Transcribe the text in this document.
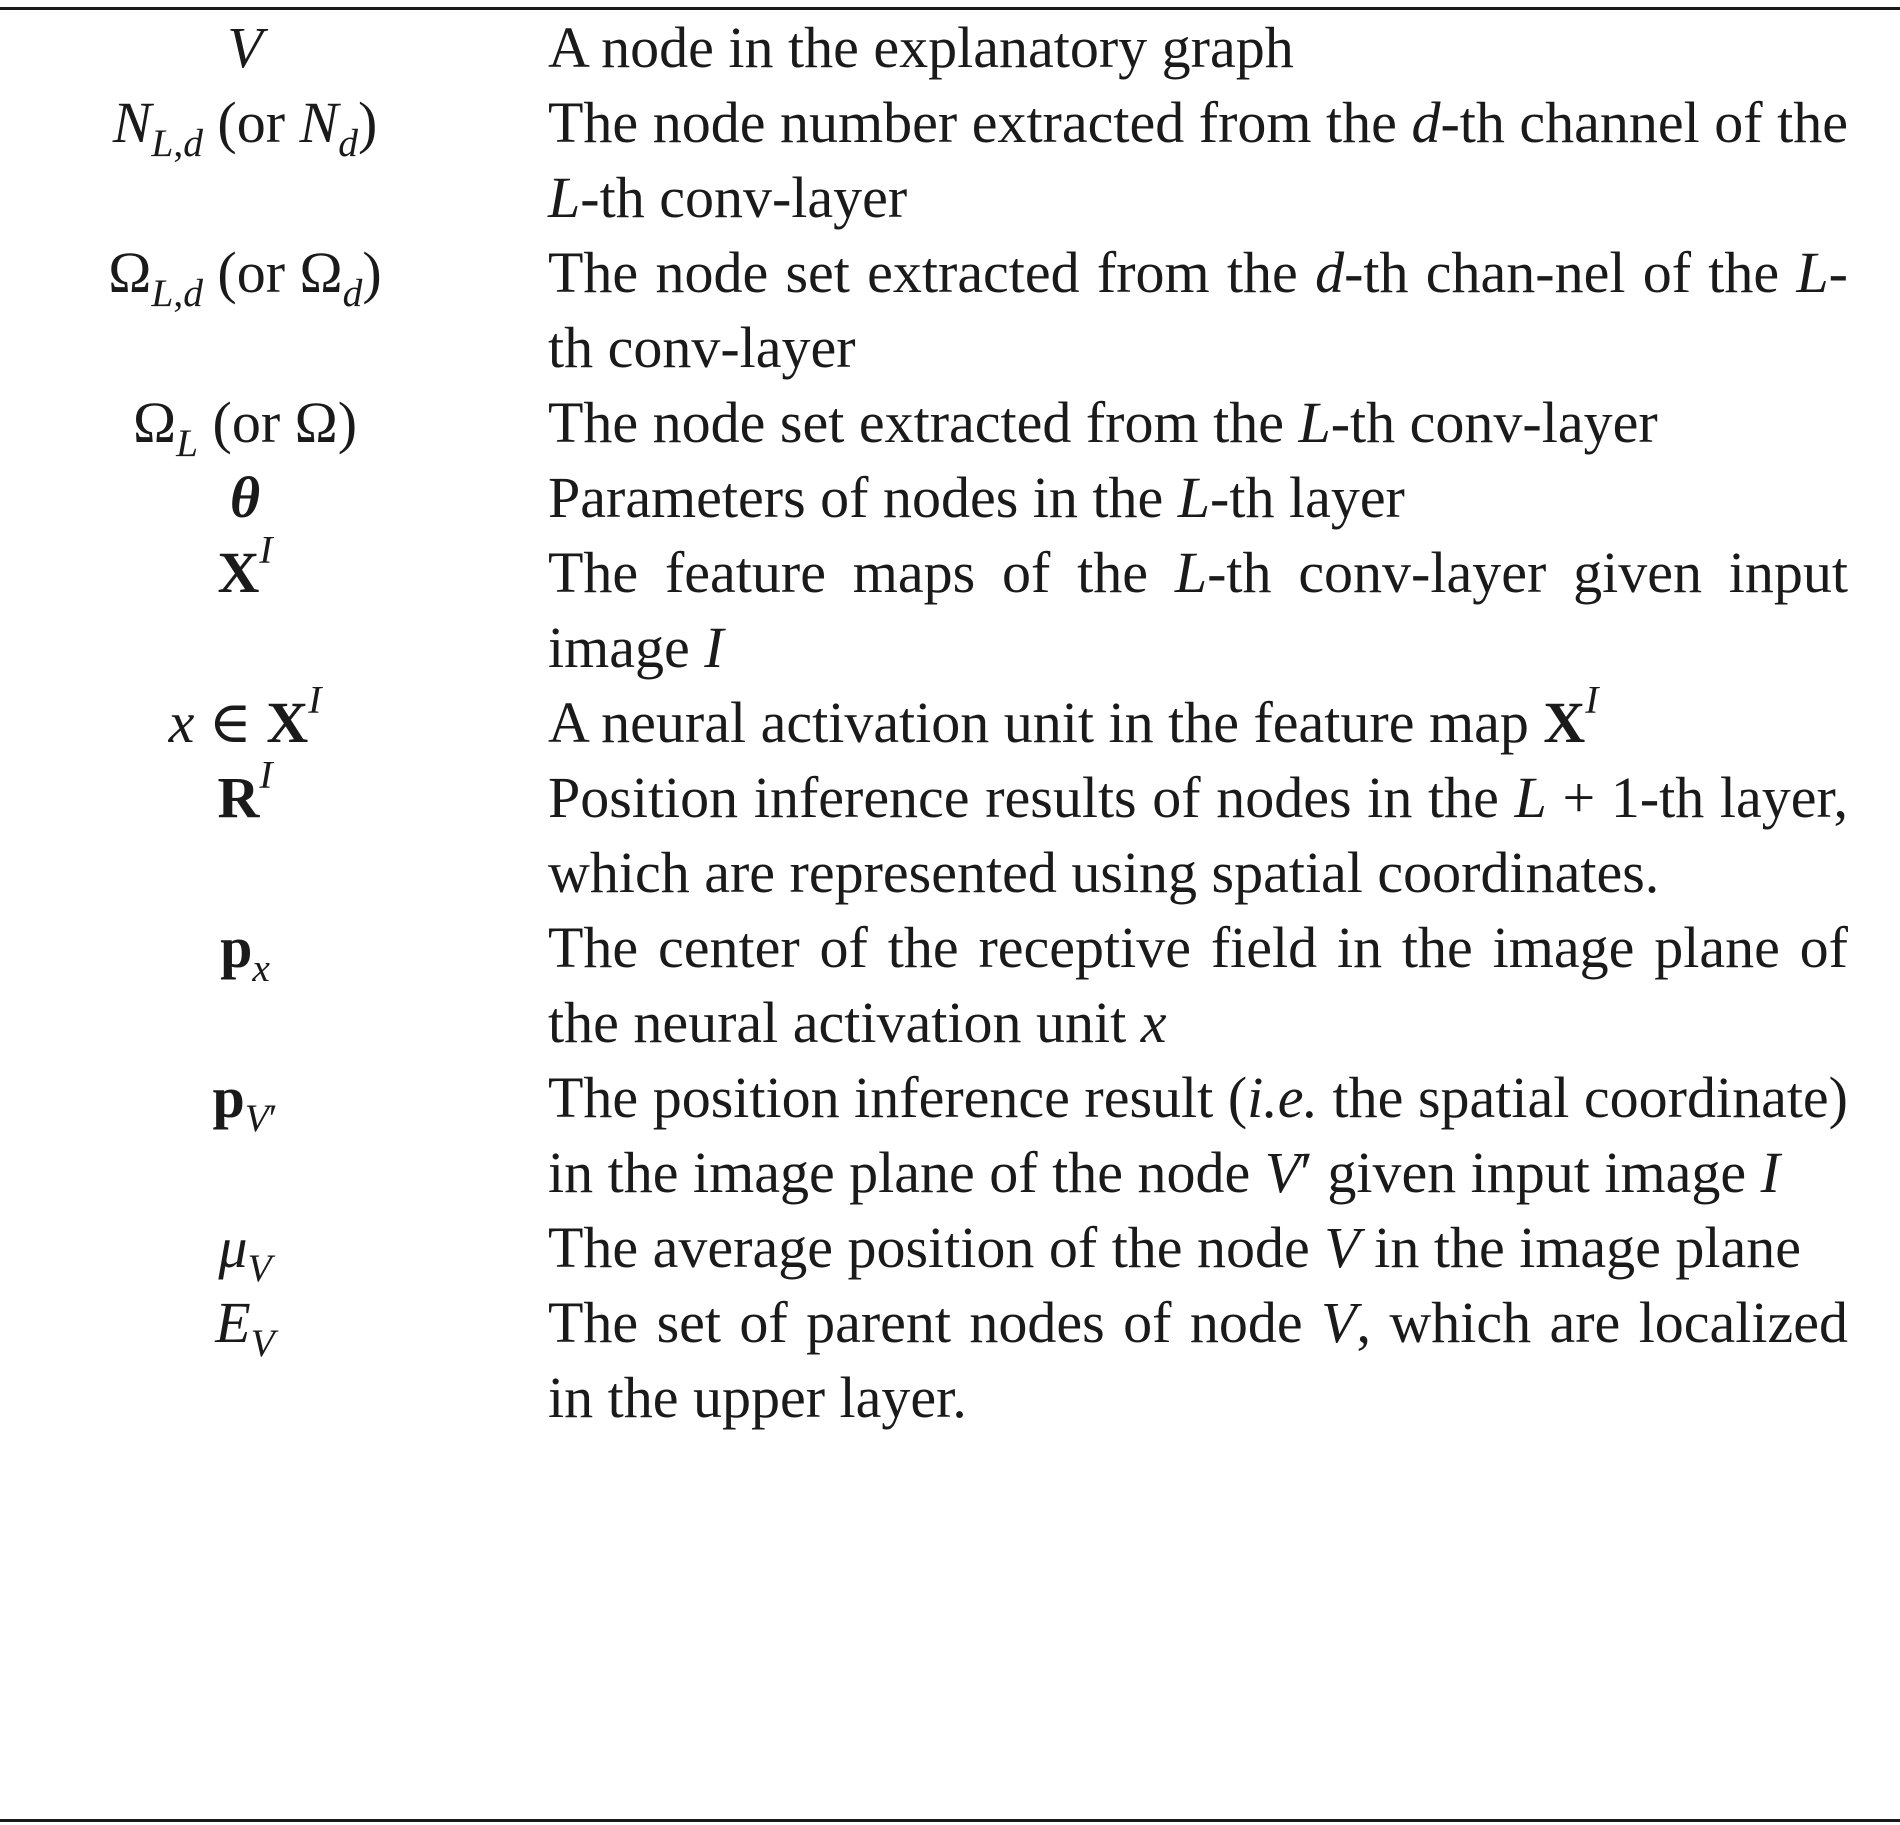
V	A node in the explanatory graph
$N_{L,d}$ (or $N_d$)	The node number extracted from the d-th channel of the L-th conv-layer
$\Omega_{L,d}$ (or $\Omega_d$)	The node set extracted from the d-th chan-nel of the L-th conv-layer
$\Omega_L$ (or Ω)	The node set extracted from the L-th conv-layer
θ	Parameters of nodes in the L-th layer
$X^I$	The feature maps of the L-th conv-layer given input image I
x ∈ $X^I$	A neural activation unit in the feature map $X^I$
$R^I$	Position inference results of nodes in the L + 1-th layer, which are represented using spatial coordinates.
$p_x$	The center of the receptive field in the image plane of the neural activation unit x
$p_{V'}$	The position inference result (i.e. the spatial coordinate) in the image plane of the node V′ given input image I
$\mu_V$	The average position of the node V in the image plane
$E_V$	The set of parent nodes of node V, which are localized in the upper layer.
